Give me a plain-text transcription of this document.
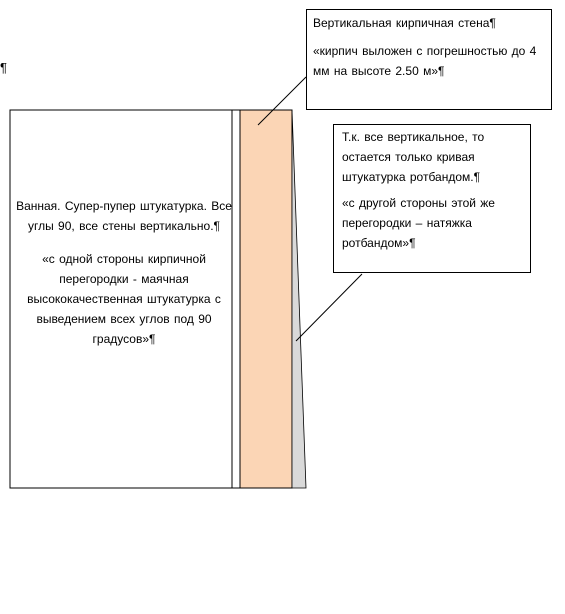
¶

Вертикальная кирпичная стена¶

«кирпич выложен с погрешностью до 4 мм на высоте 2.50 м»¶

Т.к. все вертикальное, то остается только кривая штукатурка ротбандом.¶

«с другой стороны этой же перегородки – натяжка ротбандом»¶

Ванная. Супер-пупер штукатурка. Все углы 90, все стены вертикально.¶

«с одной стороны кирпичной перегородки - маячная высококачественная штукатурка с выведением всех углов под 90 градусов»¶
